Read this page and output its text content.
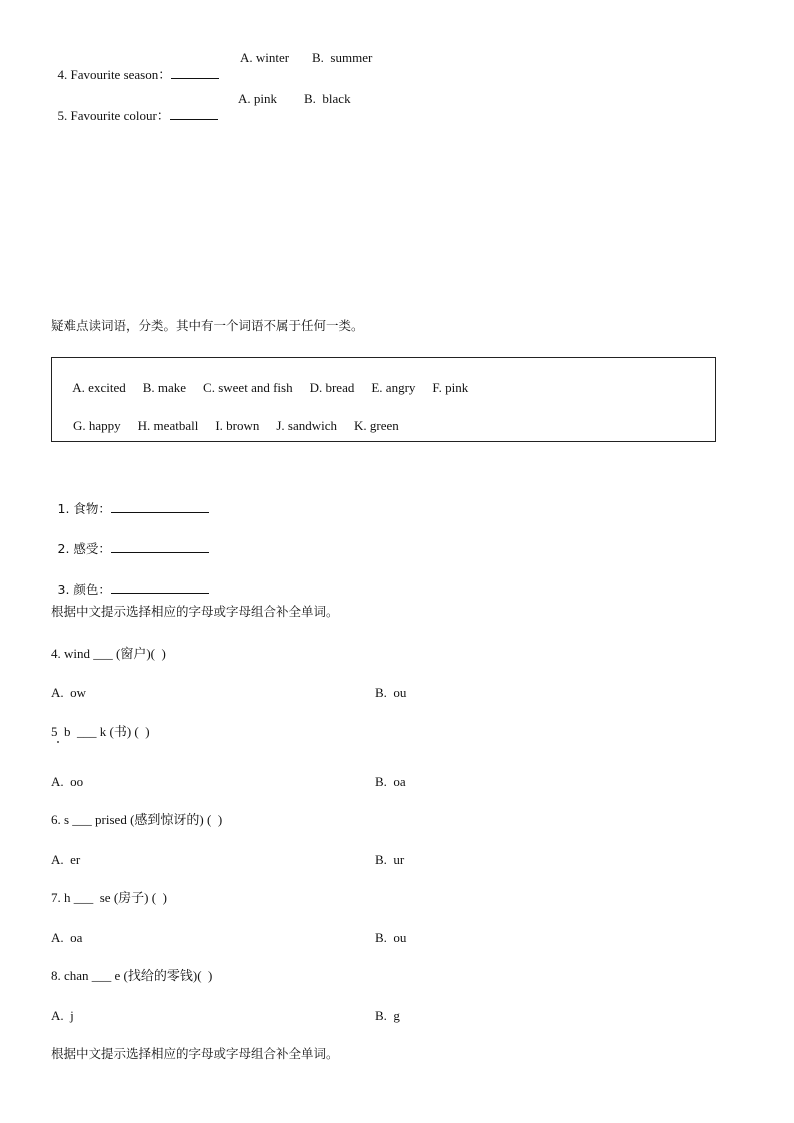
4. Favourite season：

A. winter B.  summer

5. Favourite colour：

A. pink B.  black
疑难点读词语，分类。其中有一个词语不属于任何一类。

A. excited B. make C. sweet and fish D. bread E. angry F. pink

G. happy H. meatball I. brown J. sandwich K. green

1. 食物：

2. 感受：

3. 颜色：

根据中文提示选择相应的字母或字母组合补全单词。
4. wind ___ (窗户)(  )
A.  ow	B.  ou
5  b  ___ k (书) (  )
A.  oo	B.  oa
6. s ___ prised (感到惊讶的) (  )
A.  er	B.  ur
7. h ___  se (房子) (  )
A.  oa	B.  ou
8. chan ___ e (找给的零钱)(  )
A.  j	B.  g
根据中文提示选择相应的字母或字母组合补全单词。
